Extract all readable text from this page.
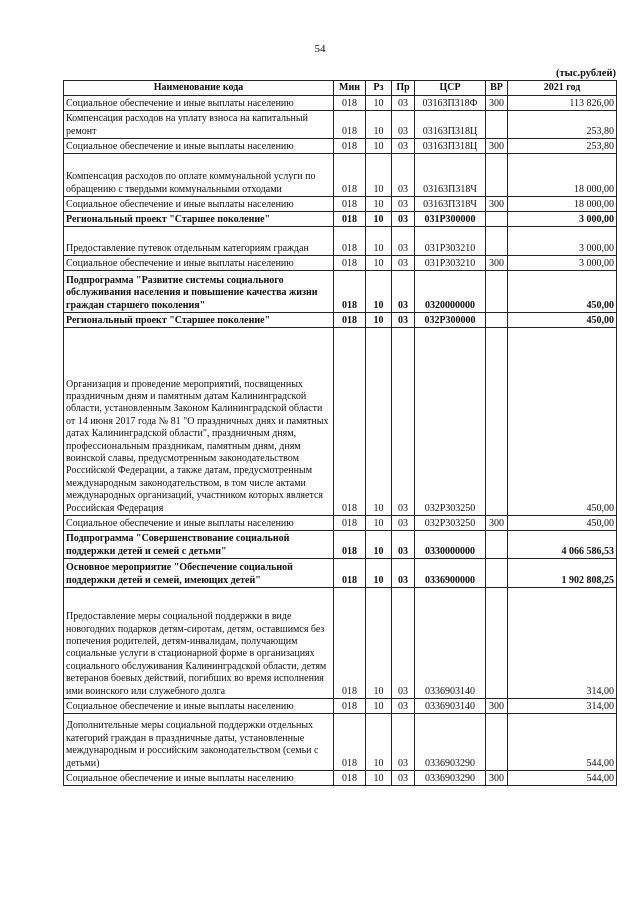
54
(тыс.рублей)
Наименование кода	Мин	Рз	Пр	ЦСР	ВР	2021 год
Социальное обеспечение и иные выплаты населению	018	10	03	03163П318Ф	300	113 826,00
Компенсация расходов на уплату взноса на капитальный ремонт	018	10	03	03163П318Ц		253,80
Социальное обеспечение и иные выплаты населению	018	10	03	03163П318Ц	300	253,80
Компенсация расходов по оплате коммунальной услуги по обращению с твердыми коммунальными отходами	018	10	03	03163П318Ч		18 000,00
Социальное обеспечение и иные выплаты населению	018	10	03	03163П318Ч	300	18 000,00
Региональный проект "Старшее поколение"	018	10	03	031P300000		3 000,00
Предоставление путевок отдельным категориям граждан	018	10	03	031P303210		3 000,00
Социальное обеспечение и иные выплаты населению	018	10	03	031P303210	300	3 000,00
Подпрограмма "Развитие системы социального обслуживания населения и повышение качества жизни граждан старшего поколения"	018	10	03	0320000000		450,00
Региональный проект "Старшее поколение"	018	10	03	032P300000		450,00
Организация и проведение мероприятий, посвященных праздничным дням и памятным датам Калининградской области, установленным Законом Калининградской области от 14 июня 2017 года № 81 "О праздничных днях и памятных датах Калининградской области", праздничным дням, профессиональным праздникам, памятным дням, дням воинской славы, предусмотренным законодательством Российской Федерации, а также датам, предусмотренным международным законодательством, в том числе актами международных организаций, участником которых является Российская Федерация	018	10	03	032P303250		450,00
Социальное обеспечение и иные выплаты населению	018	10	03	032P303250	300	450,00
Подпрограмма "Совершенствование социальной поддержки детей и семей с детьми"	018	10	03	0330000000		4 066 586,53
Основное мероприятие "Обеспечение социальной поддержки детей и семей, имеющих детей"	018	10	03	0336900000		1 902 808,25
Предоставление меры социальной поддержки в виде новогодних подарков детям-сиротам, детям, оставшимся без попечения родителей, детям-инвалидам, получающим социальные услуги в стационарной форме в организациях социального обслуживания Калининградской области, детям ветеранов боевых действий, погибших во время исполнения ими воинского или служебного долга	018	10	03	0336903140		314,00
Социальное обеспечение и иные выплаты населению	018	10	03	0336903140	300	314,00
Дополнительные меры социальной поддержки отдельных категорий граждан в праздничные даты, установленные международным и российским законодательством (семьи с детьми)	018	10	03	0336903290		544,00
Социальное обеспечение и иные выплаты населению	018	10	03	0336903290	300	544,00
